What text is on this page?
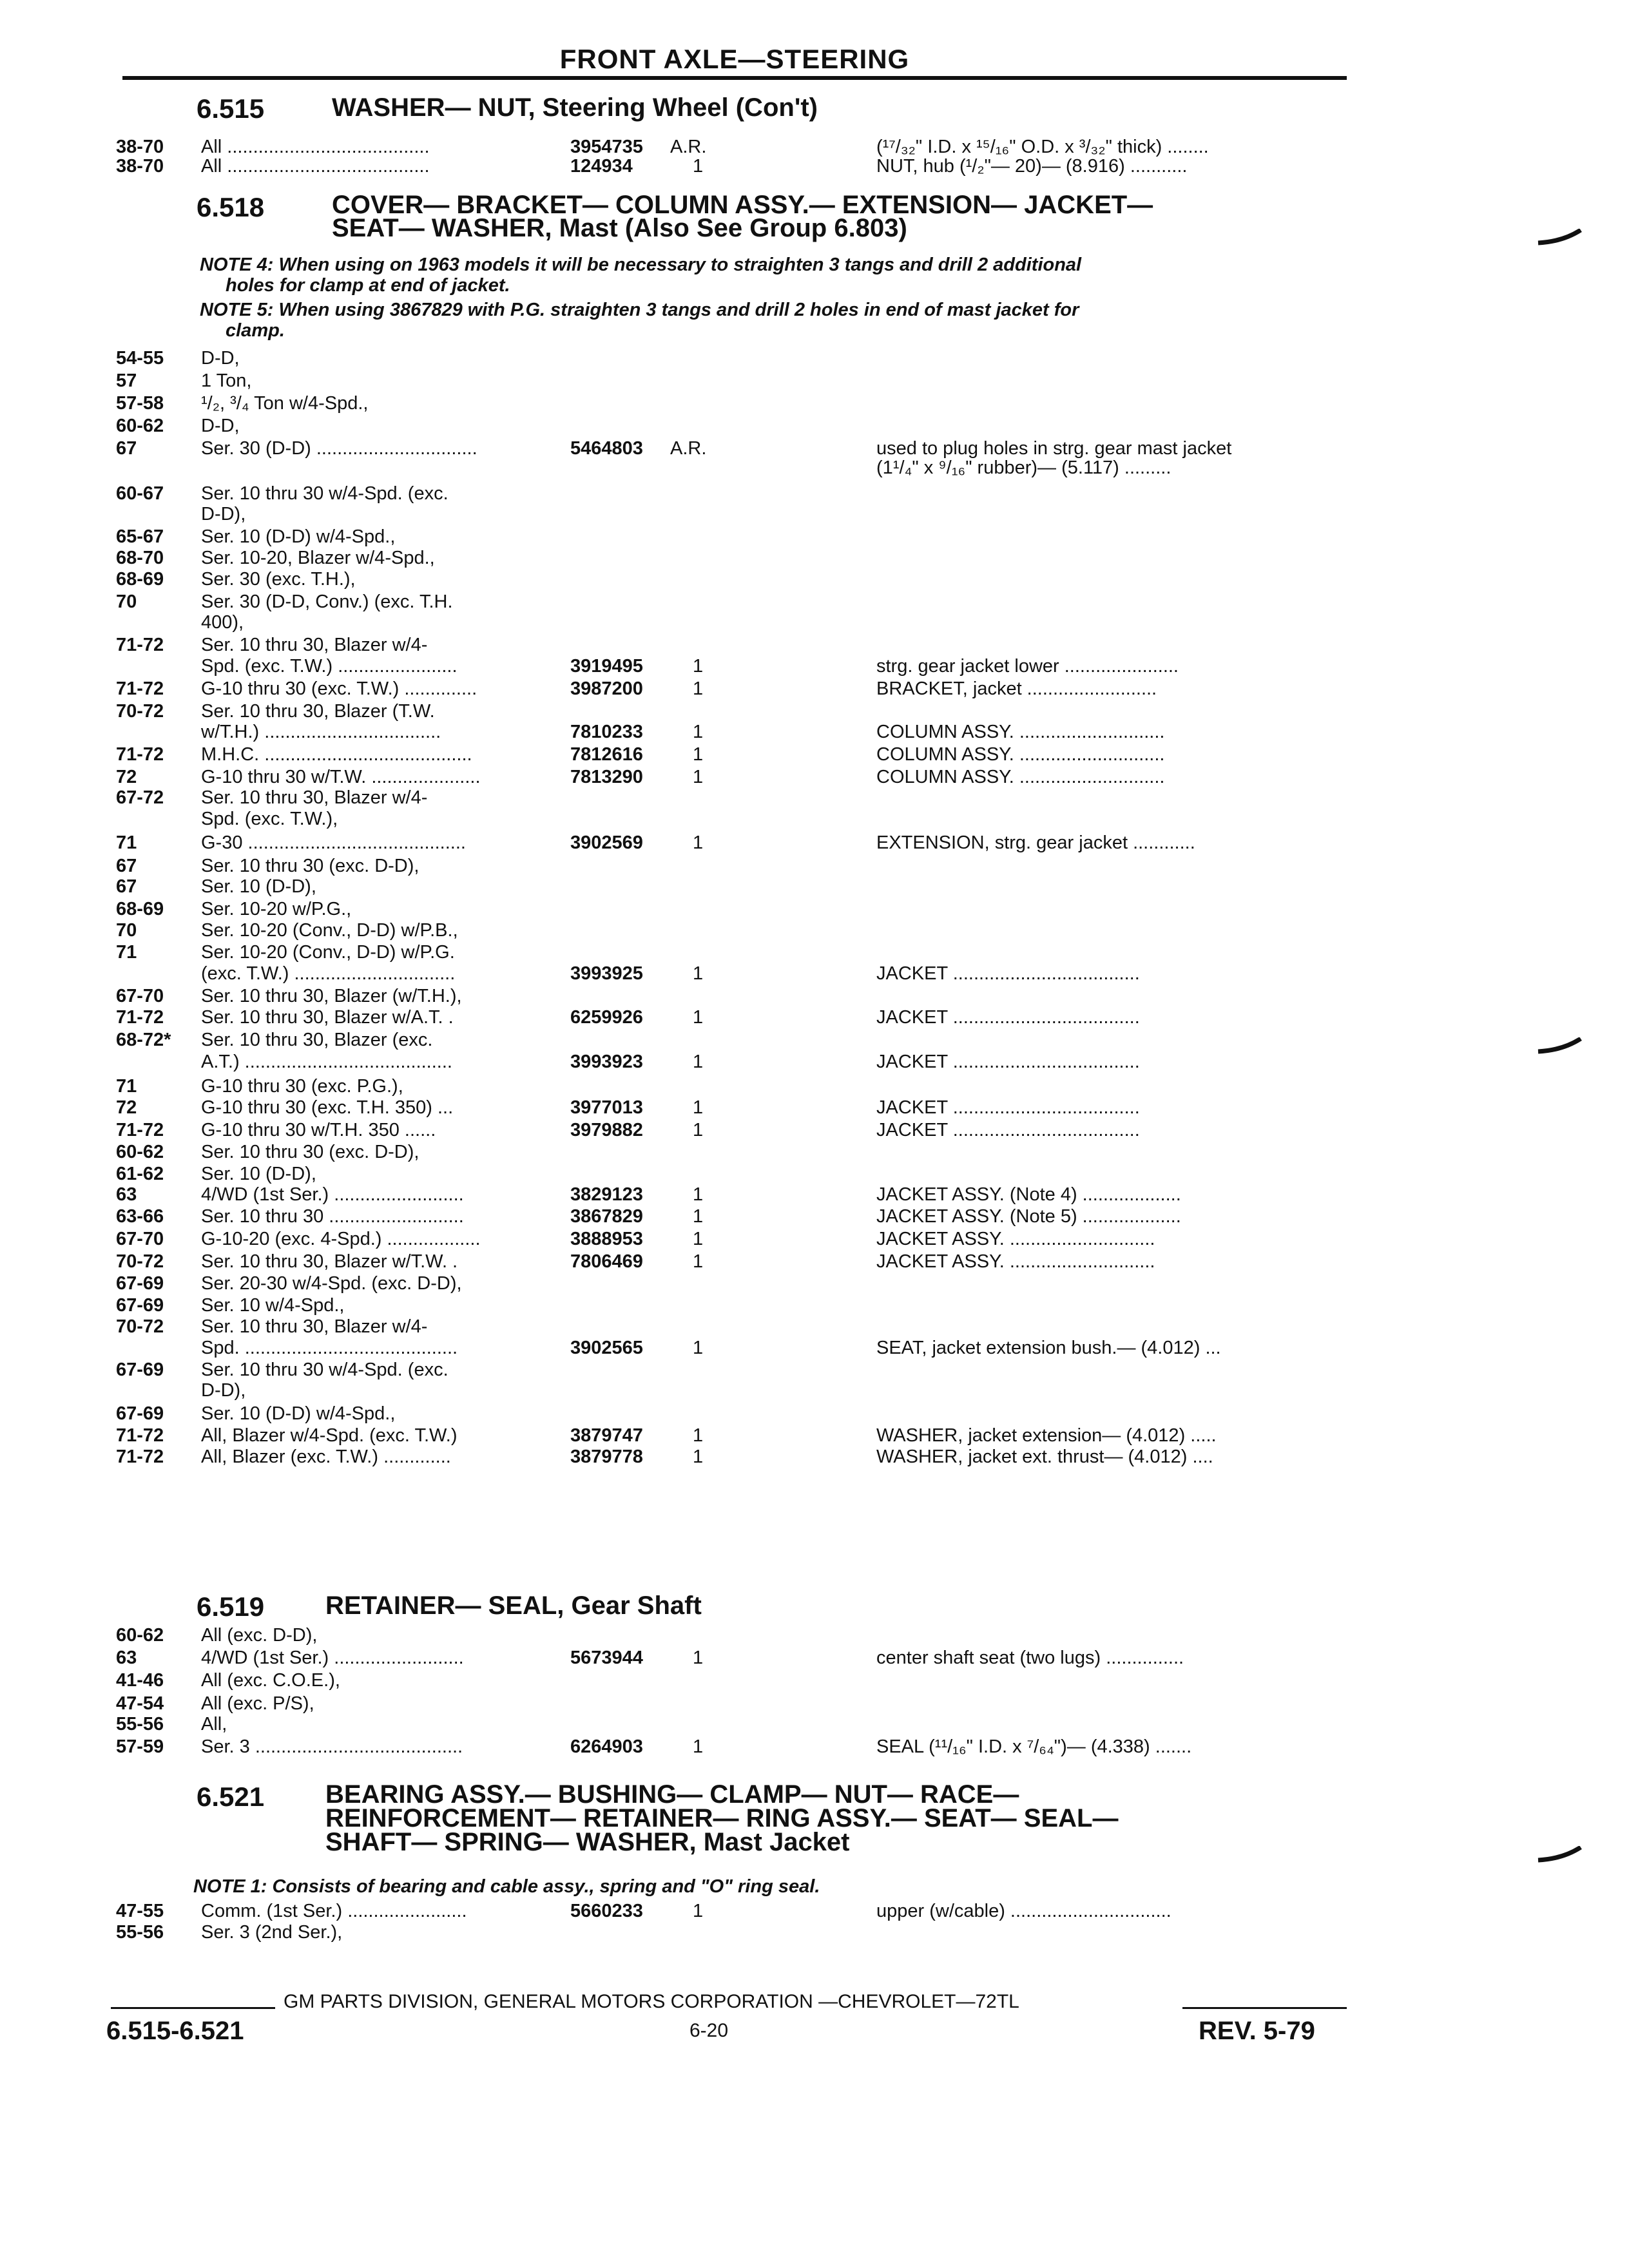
FRONT AXLE—STEERING
6.515	WASHER— NUT, Steering Wheel (Con't)
6.518	COVER— BRACKET— COLUMN ASSY.— EXTENSION— JACKET—
SEAT— WASHER, Mast (Also See Group 6.803)
NOTE 4: When using on 1963 models it will be necessary to straighten 3 tangs and drill 2 additional
holes for clamp at end of jacket.
NOTE 5: When using 3867829 with P.G. straighten 3 tangs and drill 2 holes in end of mast jacket for
clamp.
6.519 RETAINER— SEAL, Gear Shaft
6.521 BEARING ASSY.— BUSHING— CLAMP— NUT— RACE—
REINFORCEMENT— RETAINER— RING ASSY.— SEAT— SEAL—
SHAFT— SPRING— WASHER, Mast Jacket
NOTE 1: Consists of bearing and cable assy., spring and "O" ring seal.
38-70 All .......................................	3954735 A.R.	(¹⁷/₃₂" I.D. x ¹⁵/₁₆" O.D. x ³/₃₂" thick) ........
38-70 All .......................................	124934	1	NUT, hub (¹/₂"— 20)— (8.916) ...........
54-55 D-D,
57	1 Ton,
57-58 ¹/₂, ³/₄ Ton w/4-Spd.,
60-62 D-D,
67	Ser. 30 (D-D) ...............................	5464803 A.R.	used to plug holes in strg. gear mast jacket
(1¹/₄" x ⁹/₁₆" rubber)— (5.117) .........
60-67 Ser. 10 thru 30 w/4-Spd. (exc.
D-D),
65-67 Ser. 10 (D-D) w/4-Spd.,
68-70 Ser. 10-20, Blazer w/4-Spd.,
68-69 Ser. 30 (exc. T.H.),
70	Ser. 30 (D-D, Conv.) (exc. T.H.
400),
71-72 Ser. 10 thru 30, Blazer w/4-
Spd. (exc. T.W.) .......................	3919495	1	strg. gear jacket lower ......................
71-72 G-10 thru 30 (exc. T.W.) ..............	3987200	1	BRACKET, jacket .........................
70-72 Ser. 10 thru 30, Blazer (T.W.
w/T.H.) ..................................	7810233	1	COLUMN ASSY. ............................
71-72 M.H.C. ........................................	7812616	1	COLUMN ASSY. ............................
72	G-10 thru 30 w/T.W. .....................	7813290	1	COLUMN ASSY. ............................
67-72 Ser. 10 thru 30, Blazer w/4-
Spd. (exc. T.W.),
71	G-30 ..........................................	3902569	1	EXTENSION, strg. gear jacket ............
67	Ser. 10 thru 30 (exc. D-D),
67	Ser. 10 (D-D),
68-69 Ser. 10-20 w/P.G.,
70	Ser. 10-20 (Conv., D-D) w/P.B.,
71	Ser. 10-20 (Conv., D-D) w/P.G.
(exc. T.W.) ...............................	3993925	1	JACKET ....................................
67-70 Ser. 10 thru 30, Blazer (w/T.H.),
71-72 Ser. 10 thru 30, Blazer w/A.T. .	6259926	1	JACKET ....................................
68-72* Ser. 10 thru 30, Blazer (exc.
A.T.) ........................................	3993923	1	JACKET ....................................
71	G-10 thru 30 (exc. P.G.),
72	G-10 thru 30 (exc. T.H. 350) ...	3977013	1	JACKET ....................................
71-72 G-10 thru 30 w/T.H. 350 ......	3979882	1	JACKET ....................................
60-62 Ser. 10 thru 30 (exc. D-D),
61-62 Ser. 10 (D-D),
63	4/WD (1st Ser.) .........................	3829123	1	JACKET ASSY. (Note 4) ...................
63-66 Ser. 10 thru 30 ..........................	3867829	1	JACKET ASSY. (Note 5) ...................
67-70 G-10-20 (exc. 4-Spd.) ..................	3888953	1	JACKET ASSY. ............................
70-72 Ser. 10 thru 30, Blazer w/T.W. .	7806469	1	JACKET ASSY. ............................
67-69 Ser. 20-30 w/4-Spd. (exc. D-D),
67-69 Ser. 10 w/4-Spd.,
70-72 Ser. 10 thru 30, Blazer w/4-
Spd. .........................................	3902565	1	SEAT, jacket extension bush.— (4.012) ...
67-69 Ser. 10 thru 30 w/4-Spd. (exc.
D-D),
67-69 Ser. 10 (D-D) w/4-Spd.,
71-72 All, Blazer w/4-Spd. (exc. T.W.)	3879747	1	WASHER, jacket extension— (4.012) .....
71-72 All, Blazer (exc. T.W.) .............	3879778	1	WASHER, jacket ext. thrust— (4.012) ....
60-62 All (exc. D-D),
63	4/WD (1st Ser.) .........................	5673944	1	center shaft seat (two lugs) ...............
41-46 All (exc. C.O.E.),
47-54 All (exc. P/S),
55-56 All,
57-59 Ser. 3 ........................................	6264903	1	SEAL (¹¹/₁₆" I.D. x ⁷/₆₄")— (4.338) .......
47-55 Comm. (1st Ser.) .......................	5660233	1	upper (w/cable) ...............................
55-56 Ser. 3 (2nd Ser.),
GM PARTS DIVISION, GENERAL MOTORS CORPORATION —CHEVROLET—72TL
6.515-6.521	6-20	REV. 5-79
